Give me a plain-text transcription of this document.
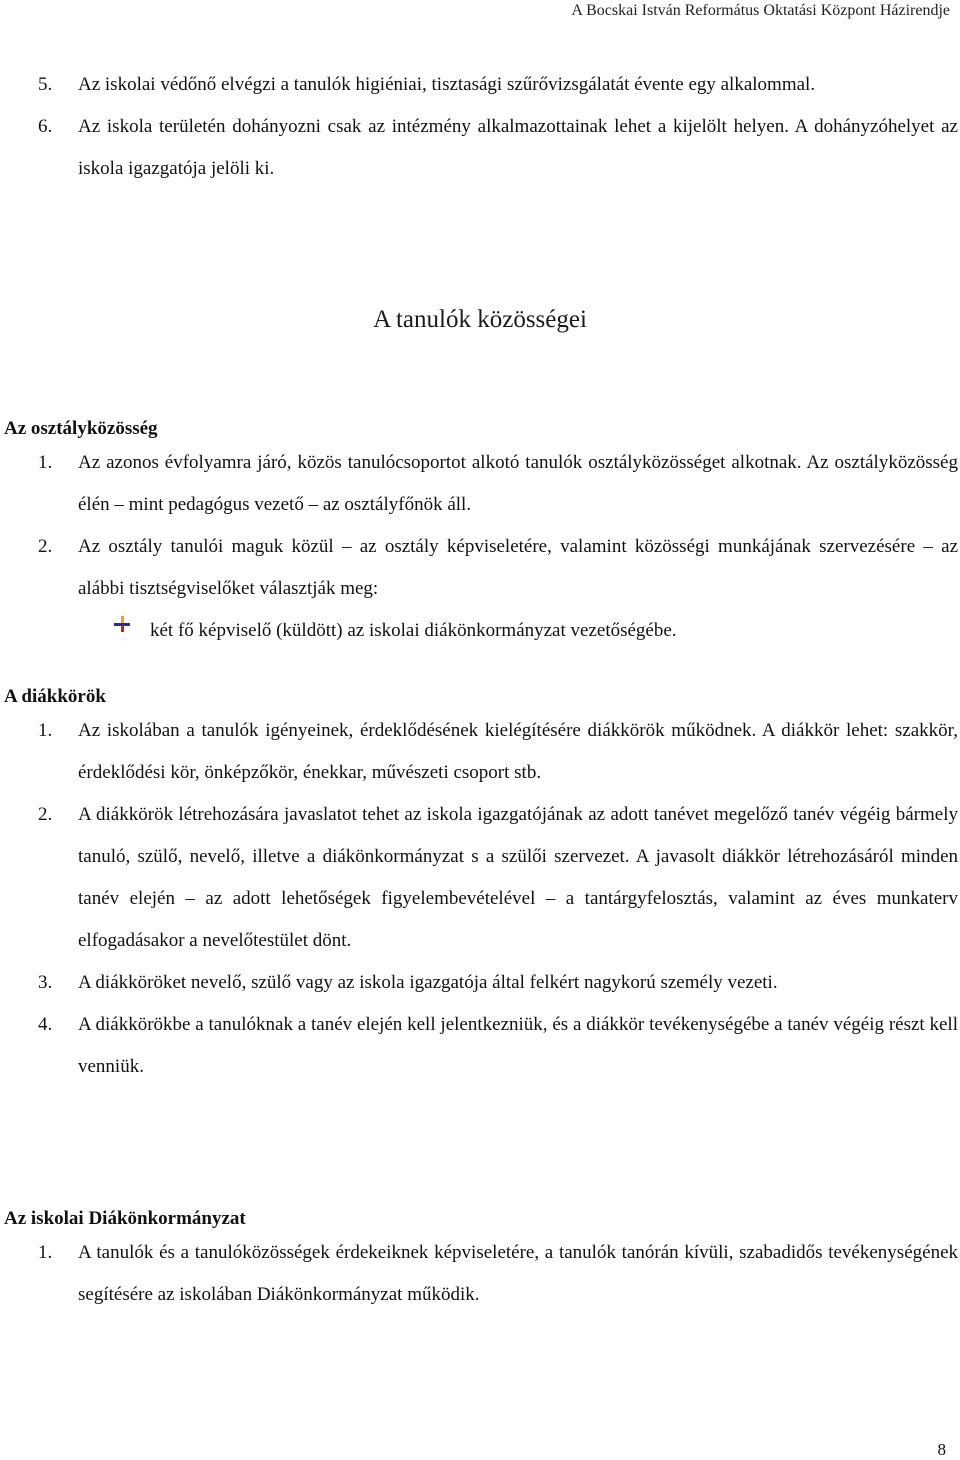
A Bocskai István Református Oktatási Központ Házirendje
5.	Az iskolai védőnő elvégzi a tanulók higiéniai, tisztasági szűrővizsgálatát évente egy alkalommal.
6.	Az iskola területén dohányozni csak az intézmény alkalmazottainak lehet a kijelölt helyen. A dohányzóhelyet az iskola igazgatója jelöli ki.
A tanulók közösségei
Az osztályközösség
1.	Az azonos évfolyamra járó, közös tanulócsoportot alkotó tanulók osztályközösséget alkotnak. Az osztályközösség élén – mint pedagógus vezető – az osztályfőnök áll.
2.	Az osztály tanulói maguk közül – az osztály képviseletére, valamint közösségi munkájának szervezésére – az alábbi tisztségviselőket választják meg:
két fő képviselő (küldött) az iskolai diákönkormányzat vezetőségébe.
A diákkörök
1.	Az iskolában a tanulók igényeinek, érdeklődésének kielégítésére diákkörök működnek. A diákkör lehet: szakkör, érdeklődési kör, önképzőkör, énekkar, művészeti csoport stb.
2.	A diákkörök létrehozására javaslatot tehet az iskola igazgatójának az adott tanévet megelőző tanév végéig bármely tanuló, szülő, nevelő, illetve a diákönkormányzat s a szülői szervezet. A javasolt diákkör létrehozásáról minden tanév elején – az adott lehetőségek figyelembevételével – a tantárgyfelosztás, valamint az éves munkaterv elfogadásakor a nevelőtestület dönt.
3.	A diákköröket nevelő, szülő vagy az iskola igazgatója által felkért nagykorú személy vezeti.
4.	A diákkörökbe a tanulóknak a tanév elején kell jelentkezniük, és a diákkör tevékenységébe a tanév végéig részt kell venniük.
Az iskolai Diákönkormányzat
1.	A tanulók és a tanulóközösségek érdekeiknek képviseletére, a tanulók tanórán kívüli, szabadidős tevékenységének segítésére az iskolában Diákönkormányzat működik.
8
